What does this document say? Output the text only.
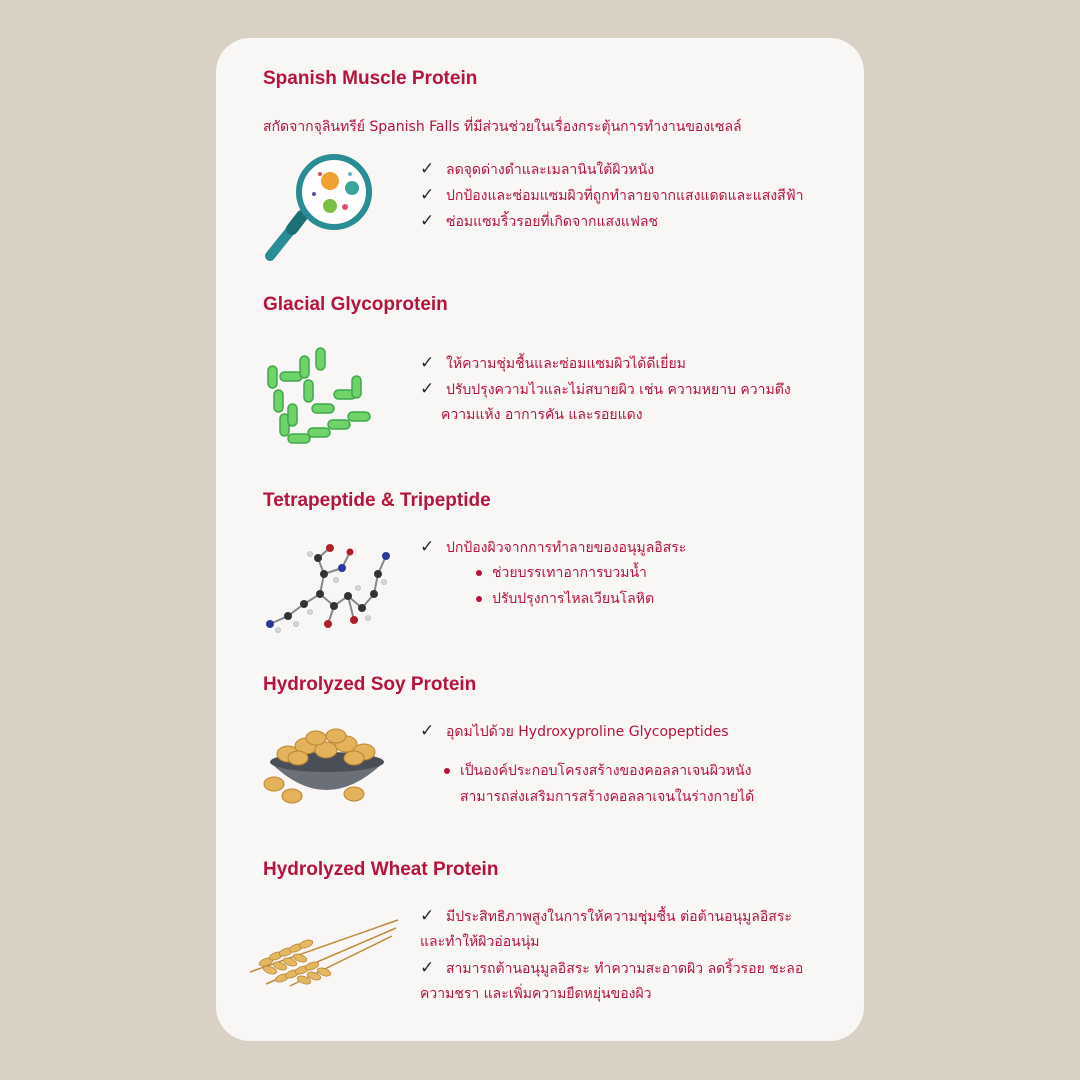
Spanish Muscle Protein
สกัดจากจุลินทรีย์ Spanish Falls ที่มีส่วนช่วยในเรื่องกระตุ้นการทำงานของเซลล์
✓ ลดจุดด่างดำและเมลานินใต้ผิวหนัง
✓ ปกป้องและซ่อมแซมผิวที่ถูกทำลายจากแสงแดดและแสงสีฟ้า
✓ ซ่อมแซมริ้วรอยที่เกิดจากแสงแฟลช
Glacial Glycoprotein
✓ ให้ความชุ่มชื้นและซ่อมแซมผิวได้ดีเยี่ยม
✓ ปรับปรุงความไวและไม่สบายผิว เช่น ความหยาบ ความตึง
ความแห้ง อาการคัน และรอยแดง
Tetrapeptide & Tripeptide
✓ ปกป้องผิวจากการทำลายของอนุมูลอิสระ
ช่วยบรรเทาอาการบวมน้ำ
ปรับปรุงการไหลเวียนโลหิต
Hydrolyzed Soy Protein
✓ อุดมไปด้วย Hydroxyproline Glycopeptides
เป็นองค์ประกอบโครงสร้างของคอลลาเจนผิวหนัง
สามารถส่งเสริมการสร้างคอลลาเจนในร่างกายได้
Hydrolyzed Wheat Protein
✓ มีประสิทธิภาพสูงในการให้ความชุ่มชื้น ต่อต้านอนุมูลอิสระ
และทำให้ผิวอ่อนนุ่ม
✓ สามารถต้านอนุมูลอิสระ ทำความสะอาดผิว ลดริ้วรอย ชะลอ
ความชรา และเพิ่มความยืดหยุ่นของผิว
